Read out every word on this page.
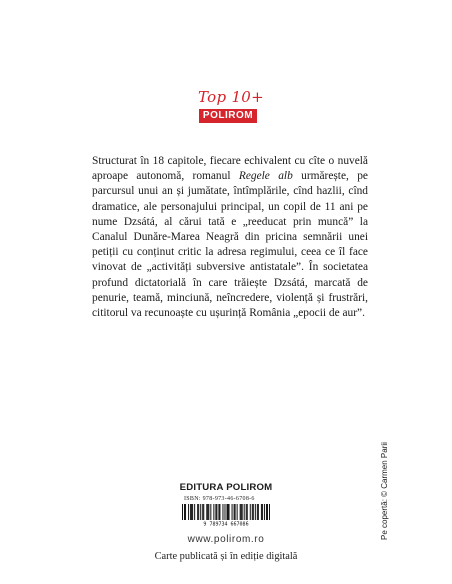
Top 10+
POLIROM
Structurat în 18 capitole, fiecare echivalent cu cîte o nuvelă aproape autonomă, romanul Regele alb urmărește, pe parcursul unui an și jumătate, întîmplările, cînd hazlii, cînd dramatice, ale personajului principal, un copil de 11 ani pe nume Dzsátá, al cărui tată e „reeducat prin muncă” la Canalul Dunăre-Marea Neagră din pricina semnării unei petiții cu conținut critic la adresa regimului, ceea ce îl face vinovat de „activități subversive antistatale”. În societatea profund dictatorială în care trăiește Dzsátá, marcată de penurie, teamă, minciună, neîncredere, violență și frustrări, cititorul va recunoaște cu ușurință România „epocii de aur”.
Pe copertă: © Carmen Parii
EDITURA POLIROM
ISBN: 978-973-46-6708-6
9 789734 667086
www.polirom.ro
Carte publicată și în ediție digitală
